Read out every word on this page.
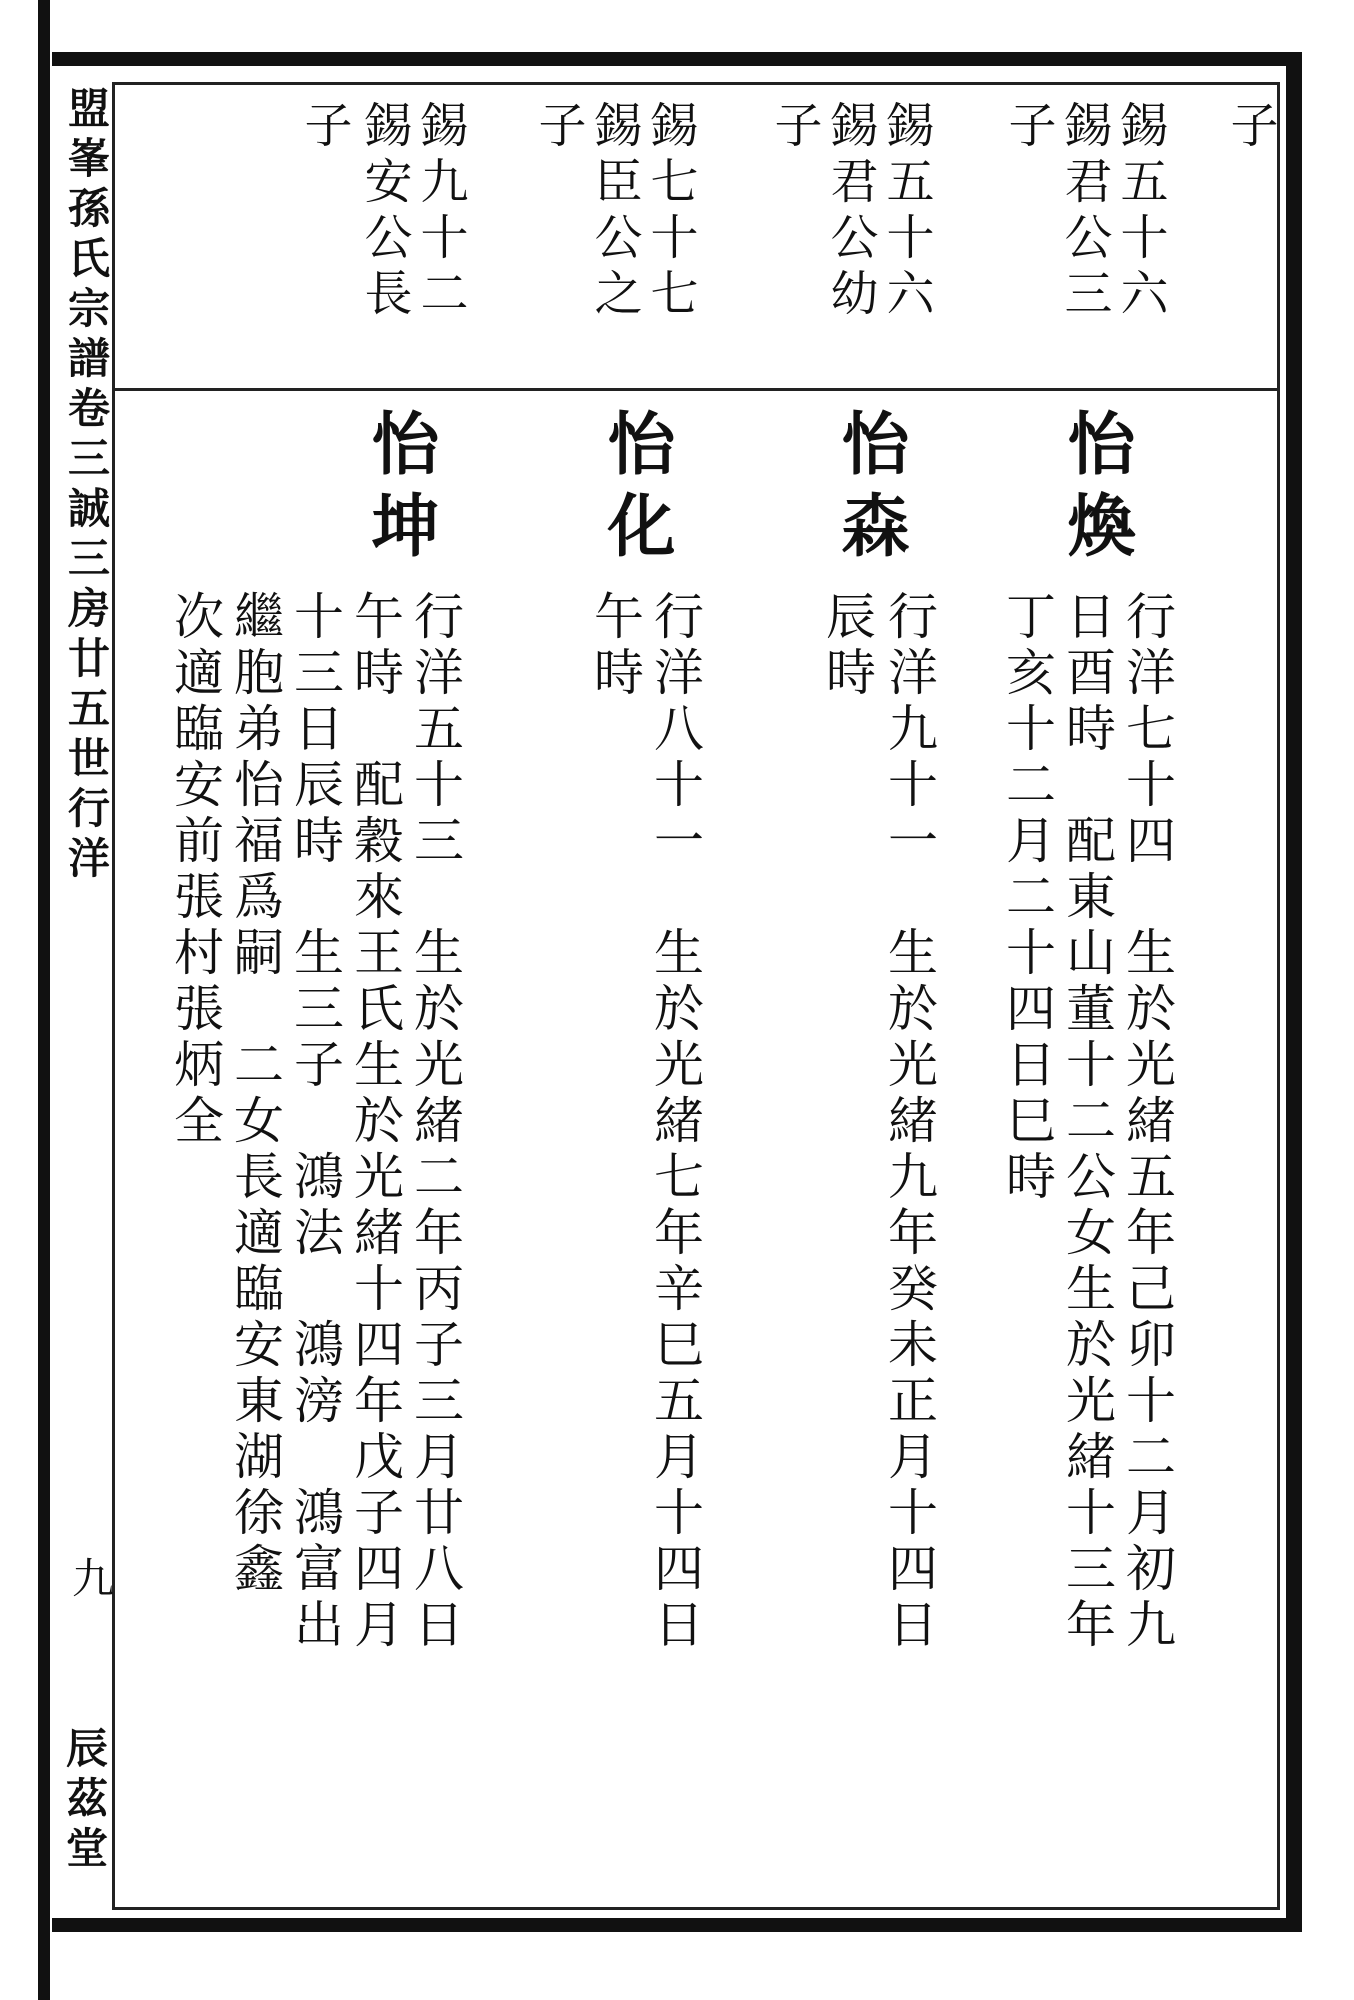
盟峯孫氏宗譜卷三誠三房廿五世行洋
九
辰茲堂
子
錫五十六
錫君公三
子
錫五十六
錫君公幼
子
錫七十七
錫臣公之
子
錫九十二
錫安公長
子
怡煥
行洋七十四　生於光緒五年己卯十二月初九
日酉時　配東山董十二公女生於光緒十三年
丁亥十二月二十四日巳時
怡森
行洋九十一　生於光緒九年癸未正月十四日
辰時
怡化
行洋八十一　生於光緒七年辛巳五月十四日
午時
怡坤
行洋五十三　生於光緒二年丙子三月廿八日
午時　配穀來王氏生於光緒十四年戊子四月
十三日辰時　生三子　鴻法　鴻滂　鴻富出
繼胞弟怡福爲嗣　二女長適臨安東湖徐鑫
次適臨安前張村張炳全
